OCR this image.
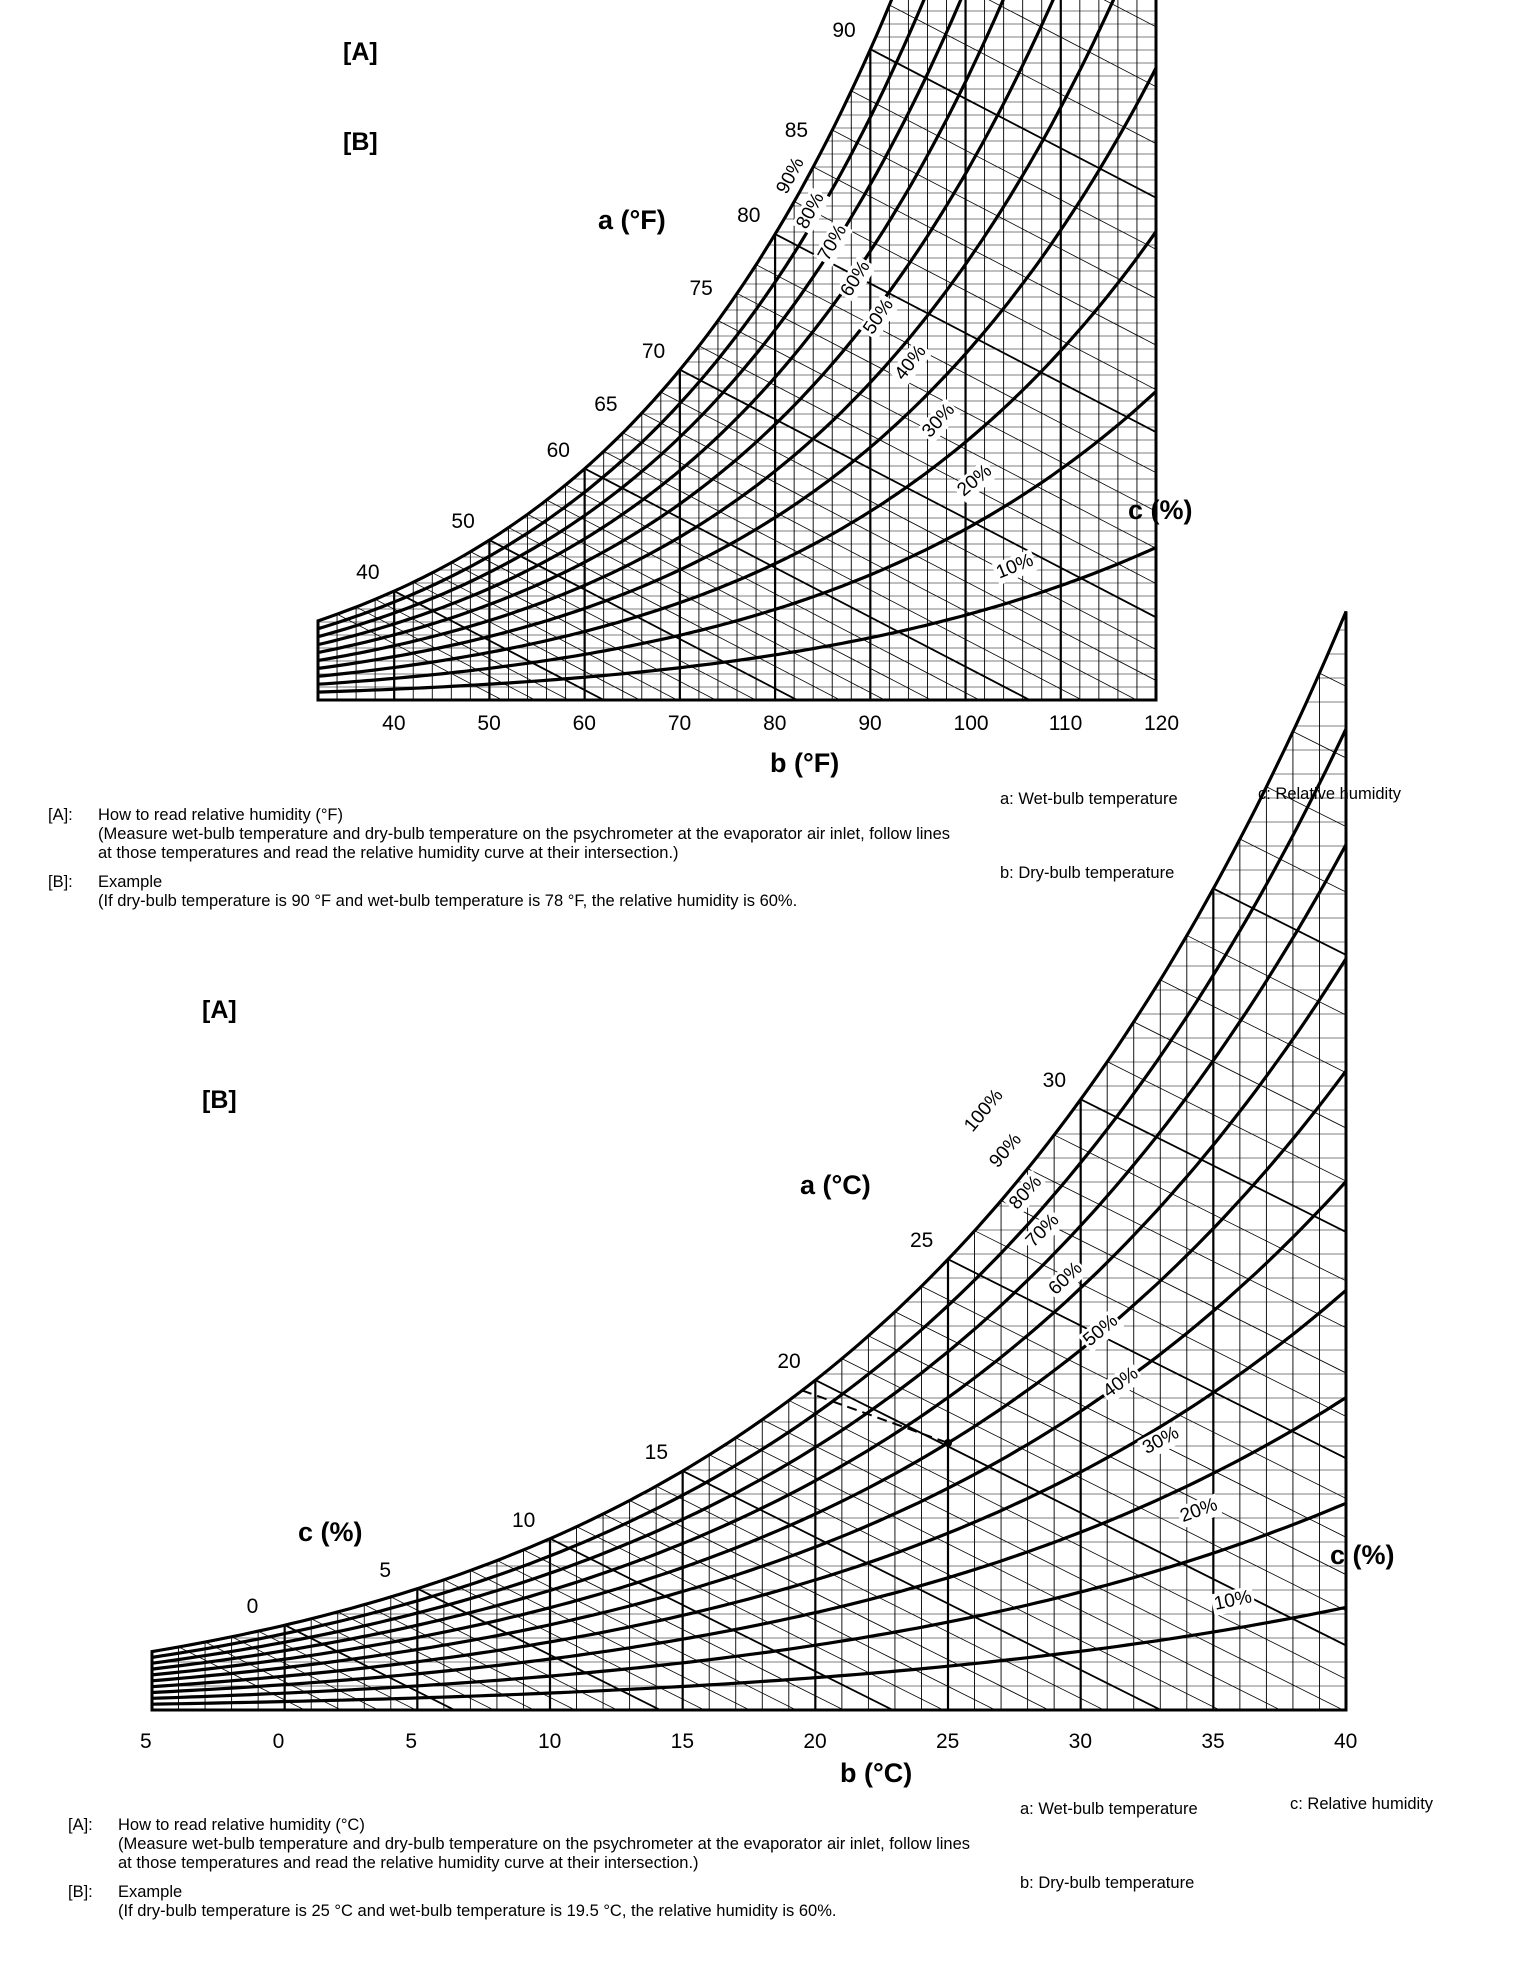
[A]
[B]
a (°F)
b (°F)
c (%)
40	50	60	70	80	90	100	110	120
40
50
60
65
70
75
80
85
90
90%
80%
70%
60%
50%
40%
30%
20%
10%
[A]: How to read relative humidity (°F)
(Measure wet-bulb temperature and dry-bulb temperature on the psychrometer at the evaporator air inlet, follow lines at those temperatures and read the relative humidity curve at their intersection.)
[B]: Example
(If dry-bulb temperature is 90 °F and wet-bulb temperature is 78 °F, the relative humidity is 60%.
a: Wet-bulb temperature	c: Relative humidity
b: Dry-bulb temperature
[A]
[B]
a (°C)
b (°C)
c (%)
c (%)
5	0	5	10	15	20	25	30	35	40
0
5
10
15
20
25
30
100%
90%
80%
70%
60%
50%
40%
30%
20%
10%
[A]: How to read relative humidity (°C)
(Measure wet-bulb temperature and dry-bulb temperature on the psychrometer at the evaporator air inlet, follow lines at those temperatures and read the relative humidity curve at their intersection.)
[B]: Example
(If dry-bulb temperature is 25 °C and wet-bulb temperature is 19.5 °C, the relative humidity is 60%.
a: Wet-bulb temperature	c: Relative humidity
b: Dry-bulb temperature
